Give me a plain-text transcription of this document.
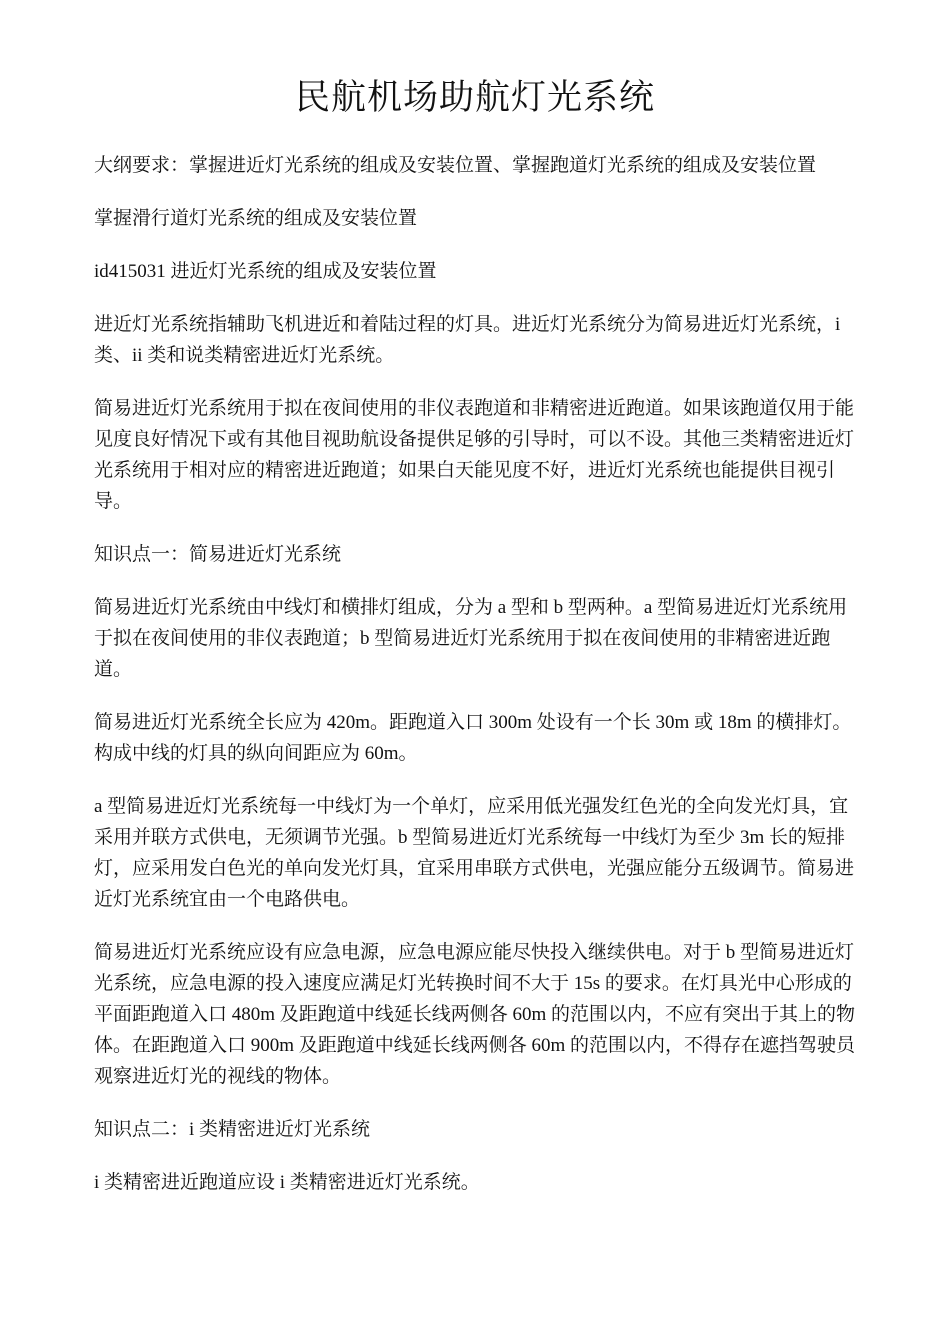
民航机场助航灯光系统

大纲要求：掌握进近灯光系统的组成及安装位置、掌握跑道灯光系统的组成及安装位置

掌握滑行道灯光系统的组成及安装位置

id415031 进近灯光系统的组成及安装位置

进近灯光系统指辅助飞机进近和着陆过程的灯具。进近灯光系统分为简易进近灯光系统，i 类、ii 类和说类精密进近灯光系统。

简易进近灯光系统用于拟在夜间使用的非仪表跑道和非精密进近跑道。如果该跑道仅用于能见度良好情况下或有其他目视助航设备提供足够的引导时，可以不设。其他三类精密进近灯光系统用于相对应的精密进近跑道；如果白天能见度不好，进近灯光系统也能提供目视引导。

知识点一：简易进近灯光系统

简易进近灯光系统由中线灯和横排灯组成，分为 a 型和 b 型两种。a 型简易进近灯光系统用于拟在夜间使用的非仪表跑道；b 型简易进近灯光系统用于拟在夜间使用的非精密进近跑道。

简易进近灯光系统全长应为 420m。距跑道入口 300m 处设有一个长 30m 或 18m 的横排灯。构成中线的灯具的纵向间距应为 60m。

a 型简易进近灯光系统每一中线灯为一个单灯，应采用低光强发红色光的全向发光灯具，宜采用并联方式供电，无须调节光强。b 型简易进近灯光系统每一中线灯为至少 3m 长的短排灯，应采用发白色光的单向发光灯具，宜采用串联方式供电，光强应能分五级调节。简易进近灯光系统宜由一个电路供电。

简易进近灯光系统应设有应急电源，应急电源应能尽快投入继续供电。对于 b 型简易进近灯光系统，应急电源的投入速度应满足灯光转换时间不大于 15s 的要求。在灯具光中心形成的平面距跑道入口 480m 及距跑道中线延长线两侧各 60m 的范围以内，不应有突出于其上的物体。在距跑道入口 900m 及距跑道中线延长线两侧各 60m 的范围以内，不得存在遮挡驾驶员观察进近灯光的视线的物体。

知识点二：i 类精密进近灯光系统

i 类精密进近跑道应设 i 类精密进近灯光系统。
